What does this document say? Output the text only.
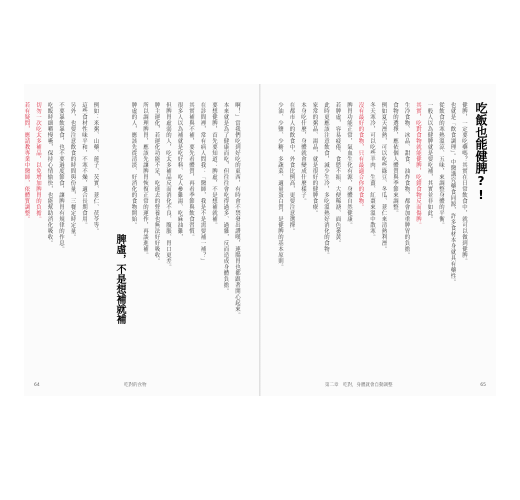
脾虛，不是想補就補
64	吃對的食物
啊！」當我們吃到好吃的東西，有時會不禁發出讚嘆，連腸胃也都跟著開心起來。
本來就是為了健康而吃，但往往會吃得過多、過雜，反而造成身體負擔。
要想健脾，首先要知道：脾虛，不是想補就補。
在診間裡，常有病人問我：「醫師，我是不是需要補一補？」
其實補與不補，要先看體質，再看季節與飲食習慣。
很多人以為補就是吃好料、吃人參雞湯、吃麻油雞，
但脾胃虛弱的人，吃太多補品反而消化不良、腹脹、胃口更差。
脾主運化，若運化功能不足，吃進去的營養也無法好好吸收。
所以調理脾胃，應該先讓脾胃恢復正常的運作，再談進補。
脾虛的人，應該先從清淡、好消化的食物開始。
例如：米粥、山藥、蓮子、芡實、薏仁、茯苓等。
這些食材性味平和，不寒不燥，適合長期食用。
另外，也要注意飲食的時間與份量，三餐定時定量。
不要暴飲暴食，也不要過度節食，讓脾胃有規律的作息。
吃飯時細嚼慢嚥，保持心情愉快，也能幫助消化吸收。
切勿一次吃太多補品，以免增加脾胃的負擔。
若有疑問，應請教專業中醫師，依體質調整。	吃飯也能健脾?!
第二章　吃對，身體就會自動調整	65
健脾，一定要吃藥嗎？其實在日常飲食中，就可以做到健脾。
也就是「飲食調理」。中醫講究藥食同源，許多食材本身就具有藥性。
從飲食的寒熱溫涼、五味，來調整身體的平衡。
一般人以為健脾就是要吃補，其實並非如此。
其實，吃對食物就能健脾，吃錯食物反而傷脾。
生冷食物、冰品、甜食、油炸食物，都會加重脾胃的負擔。
食物的選擇，應依個人體質與季節來調整。
例如夏天溼熱，可以吃些綠豆、冬瓜、薏仁來清熱利溼。
冬天寒冷，可以吃些羊肉、生薑、紅棗來溫中散寒。
沒有最好的食物，只有最適合你的食物。
脾胃功能正常，氣血生化有源，身體自然健康。
若脾虛，容易疲倦、食慾不振、大便稀溏、面色萎黃。
此時更應該注意飲食，減少生冷，多吃溫熱好消化的食物。
家常的粥品、湯品，就是很好的健脾食療。
本身吃什麼，身體就會變成什麼樣子。
在都市人的飲食中，外食比例高，更要注意選擇。
少油、少鹽、少糖，多蔬菜、適量蛋白質，是健脾的基本原則。
